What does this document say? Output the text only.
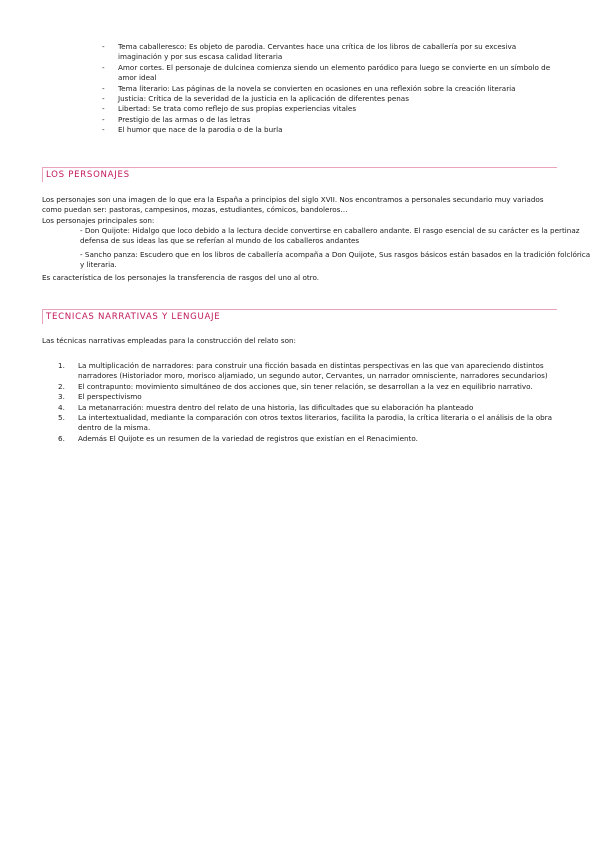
- Tema caballeresco: Es objeto de parodia. Cervantes hace una crítica de los libros de caballería por su excesiva imaginación y por sus escasa calidad literaria
- Amor cortes. El personaje de dulcinea comienza siendo un elemento paródico para luego se convierte en un símbolo de amor ideal
- Tema literario: Las páginas de la novela se convierten en ocasiones en una reflexión sobre la creación literaria
- Justicia: Crítica de la severidad de la justicia en la aplicación de diferentes penas
- Libertad: Se trata como reflejo de sus propias experiencias vitales
- Prestigio de las armas o de las letras
- El humor que nace de la parodia o de la burla
LOS PERSONAJES

Los personajes son una imagen de lo que era la España a principios del siglo XVII. Nos encontramos a personales secundario muy variados como puedan ser: pastoras, campesinos, mozas, estudiantes, cómicos, bandoleros…

Los personajes principales son:

- Don Quijote: Hidalgo que loco debido a la lectura decide convertirse en caballero andante. El rasgo esencial de su carácter es la pertinaz defensa de sus ideas las que se referían al mundo de los caballeros andantes

- Sancho panza: Escudero que en los libros de caballería acompaña a Don Quijote, Sus rasgos básicos están basados en la tradición folclórica y literaria.

Es característica de los personajes la transferencia de rasgos del uno al otro.

TECNICAS NARRATIVAS Y LENGUAJE

Las técnicas narrativas empleadas para la construcción del relato son:

1. La multiplicación de narradores: para construir una ficción basada en distintas perspectivas en las que van apareciendo distintos narradores (Historiador moro, morisco aljamiado, un segundo autor, Cervantes, un narrador omnisciente, narradores secundarios)
2. El contrapunto: movimiento simultáneo de dos acciones que, sin tener relación, se desarrollan a la vez en equilibrio narrativo.
3. El perspectivismo
4. La metanarración: muestra dentro del relato de una historia, las dificultades que su elaboración ha planteado
5. La intertextualidad, mediante la comparación con otros textos literarios, facilita la parodia, la crítica literaria o el análisis de la obra dentro de la misma.
6. Además El Quijote es un resumen de la variedad de registros que existían en el Renacimiento.
